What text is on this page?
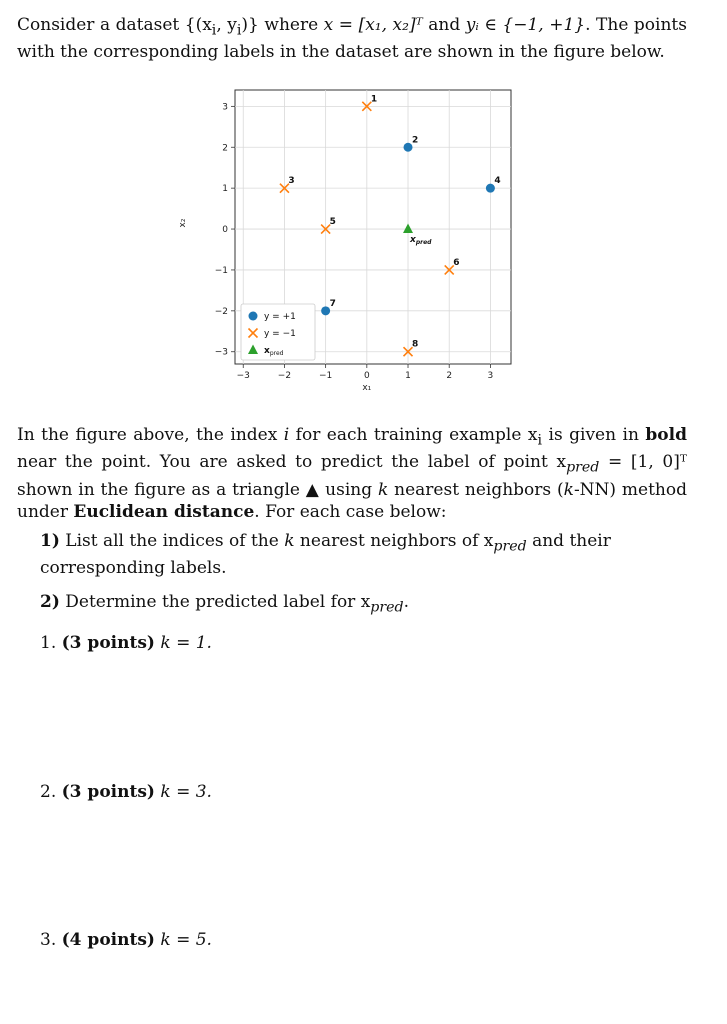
Consider a dataset {($x_i$, $y_i$)} where x = [x₁, x₂]ᵀ and yᵢ ∈ {−1, +1}. The points with the corresponding labels in the dataset are shown in the figure below.
−3	−2	−1	0	1	2	3
3
2
1
0
−1
−2
−3
2
4
7
1
3
5
6
8
$x_{pred}$
x₁
x₂
y = +1
y = −1
$x_{pred}$
In the figure above, the index i for each training example $x_i$ is given in bold near the point. You are asked to predict the label of point $x_{pred} = [1$, 0]ᵀ shown in the figure as a triangle ▲ using k nearest neighbors (k-NN) method under Euclidean distance. For each case below:
1) List all the indices of the k nearest neighbors of $x_{pred}$ and their corresponding labels.
2) Determine the predicted label for $x_{pred}$.
1. (3 points) k = 1.
2. (3 points) k = 3.
3. (4 points) k = 5.
